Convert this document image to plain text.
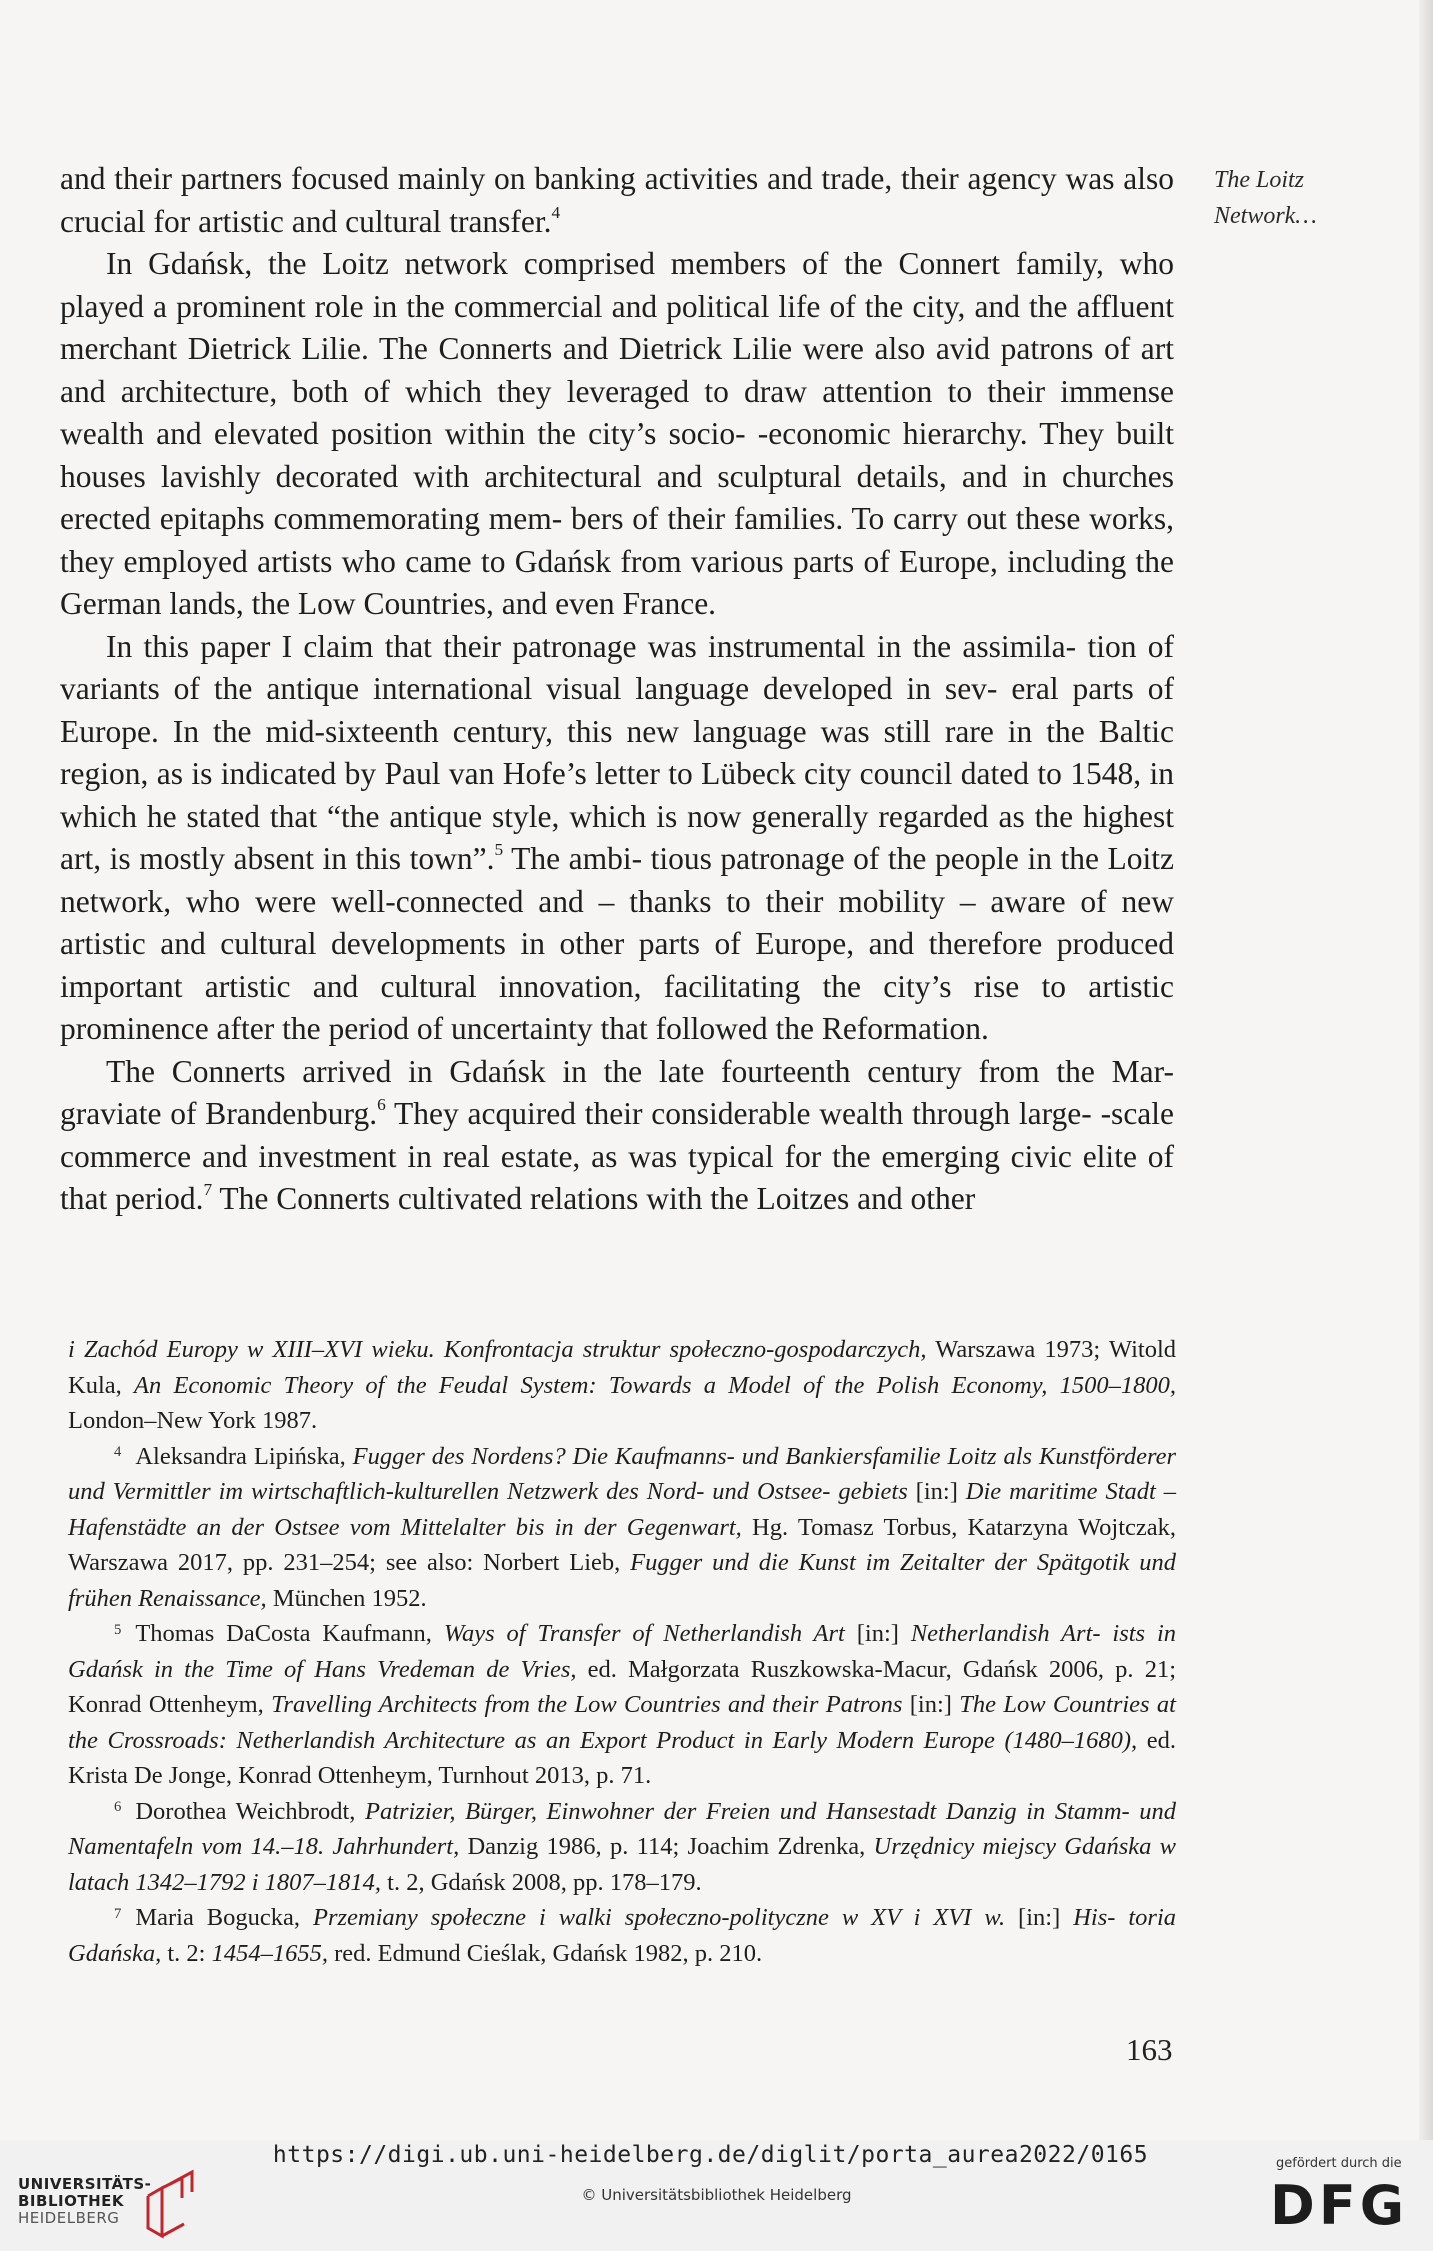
The Loitz
Network…

and their partners focused mainly on banking activities and trade, their agency was also crucial for artistic and cultural transfer.$^4$

In Gdańsk, the Loitz network comprised members of the Connert family, who played a prominent role in the commercial and political life of the city, and the affluent merchant Dietrick Lilie. The Connerts and Dietrick Lilie were also avid patrons of art and architecture, both of which they leveraged to draw attention to their immense wealth and elevated position within the city’s socio- -economic hierarchy. They built houses lavishly decorated with architectural and sculptural details, and in churches erected epitaphs commemorating mem- bers of their families. To carry out these works, they employed artists who came to Gdańsk from various parts of Europe, including the German lands, the Low Countries, and even France.

In this paper I claim that their patronage was instrumental in the assimila- tion of variants of the antique international visual language developed in sev- eral parts of Europe. In the mid-sixteenth century, this new language was still rare in the Baltic region, as is indicated by Paul van Hofe’s letter to Lübeck city council dated to 1548, in which he stated that “the antique style, which is now generally regarded as the highest art, is mostly absent in this town”.$^5$ The ambi- tious patronage of the people in the Loitz network, who were well-connected and – thanks to their mobility – aware of new artistic and cultural developments in other parts of Europe, and therefore produced important artistic and cultural innovation, facilitating the city’s rise to artistic prominence after the period of uncertainty that followed the Reformation.

The Connerts arrived in Gdańsk in the late fourteenth century from the Mar- graviate of Brandenburg.$^6$ They acquired their considerable wealth through large- -scale commerce and investment in real estate, as was typical for the emerging civic elite of that period.$^7$ The Connerts cultivated relations with the Loitzes and other

i Zachód Europy w XIII–XVI wieku. Konfrontacja struktur społeczno-gospodarczych, Warszawa 1973; Witold Kula, An Economic Theory of the Feudal System: Towards a Model of the Polish Economy, 1500–1800, London–New York 1987.

$^4$ Aleksandra Lipińska, Fugger des Nordens? Die Kaufmanns- und Bankiersfamilie Loitz als Kunstförderer und Vermittler im wirtschaftlich-kulturellen Netzwerk des Nord- und Ostsee- gebiets [in:] Die maritime Stadt – Hafenstädte an der Ostsee vom Mittelalter bis in der Gegenwart, Hg. Tomasz Torbus, Katarzyna Wojtczak, Warszawa 2017, pp. 231–254; see also: Norbert Lieb, Fugger und die Kunst im Zeitalter der Spätgotik und frühen Renaissance, München 1952.

$^5$ Thomas DaCosta Kaufmann, Ways of Transfer of Netherlandish Art [in:] Netherlandish Art- ists in Gdańsk in the Time of Hans Vredeman de Vries, ed. Małgorzata Ruszkowska-Macur, Gdańsk 2006, p. 21; Konrad Ottenheym, Travelling Architects from the Low Countries and their Patrons [in:] The Low Countries at the Crossroads: Netherlandish Architecture as an Export Product in Early Modern Europe (1480–1680), ed. Krista De Jonge, Konrad Ottenheym, Turnhout 2013, p. 71.

$^6$ Dorothea Weichbrodt, Patrizier, Bürger, Einwohner der Freien und Hansestadt Danzig in Stamm- und Namentafeln vom 14.–18. Jahrhundert, Danzig 1986, p. 114; Joachim Zdrenka, Urzędnicy miejscy Gdańska w latach 1342–1792 i 1807–1814, t. 2, Gdańsk 2008, pp. 178–179.

$^7$ Maria Bogucka, Przemiany społeczne i walki społeczno-polityczne w XV i XVI w. [in:] His- toria Gdańska, t. 2: 1454–1655, red. Edmund Cieślak, Gdańsk 1982, p. 210.

163
UNIVERSITÄTS-
BIBLIOTHEK
HEIDELBERG
https://digi.ub.uni-heidelberg.de/diglit/porta_aurea2022/0165
© Universitätsbibliothek Heidelberg
gefördert durch die
DFG
